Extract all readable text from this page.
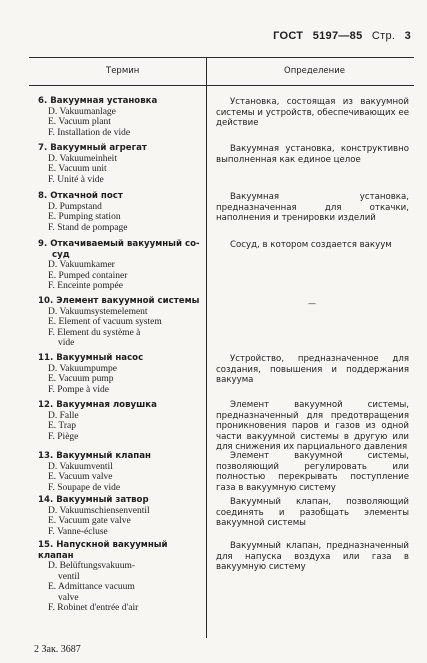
ГОСТ 5197—85 Стр. 3
Термин	Определение
6. Вакуумная установка
D. Vakuumanlage
E. Vacuum plant
F. Installation de vide
Установка, состоящая из вакуумной системы и устройств, обеспечивающих ее действие
7. Вакуумный агрегат
D. Vakuumeinheit
E. Vacuum unit
F. Unité à vide
Вакуумная установка, конструктивно выполненная как единое целое
8. Откачной пост
D. Pumpstand
E. Pumping station
F. Stand de pompage
Вакуумная установка, предназначенная для откачки, наполнения и тренировки изделий
9. Откачиваемый вакуумный со-
суд
D. Vakuumkamer
E. Pumped container
F. Enceinte pompée
Сосуд, в котором создается вакуум
10. Элемент вакуумной системы
D. Vakuumsystemelement
E. Element of vacuum system
F. Element du système à
vide
—
11. Вакуумный насос
D. Vakuumpumpe
E. Vacuum pump
F. Pompe à vide
Устройство, предназначенное для создания, повышения и поддержания вакуума
12. Вакуумная ловушка
D. Falle
E. Trap
F. Piège
Элемент вакуумной системы, предназначенный для предотвращения проникновения паров и газов из одной части вакуумной системы в другую или для снижения их парциального давления
13. Вакуумный клапан
D. Vakuumventil
E. Vacuum valve
F. Soupape de vide
Элемент вакуумной системы, позволяющий регулировать или полностью перекрывать поступление газа в вакуумную систему
14. Вакуумный затвор
D. Vakuumschiensenventil
E. Vacuum gate valve
F. Vanne-écluse
Вакуумный клапан, позволяющий соединять и разобщать элементы вакуумной системы
15. Напускной вакуумный клапан
D. Belüftungsvakuum-
ventil
E. Admittance vacuum
valve
F. Robinet d'entrée d'air
Вакуумный клапан, предназначенный для напуска воздуха или газа в вакуумную систему
2 Зак. 3687
